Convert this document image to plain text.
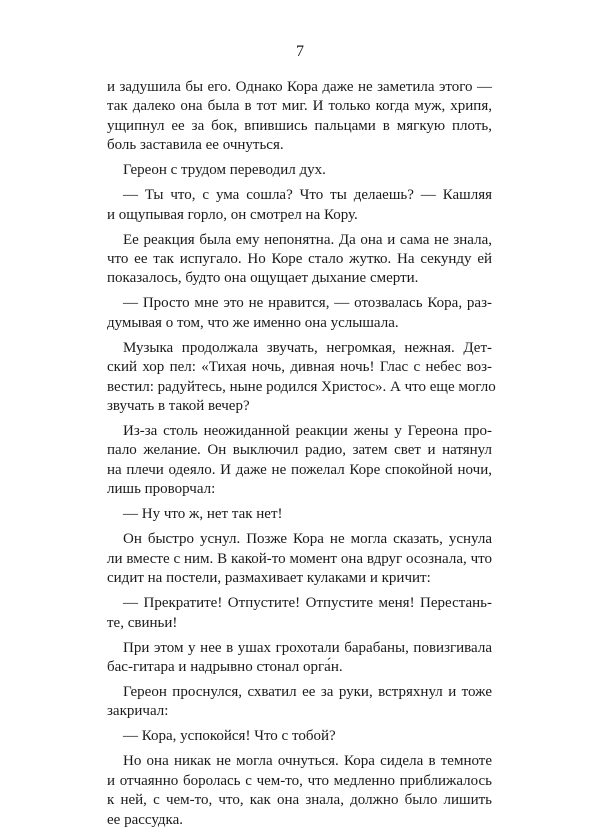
7
и задушила бы его. Однако Кора даже не заметила этого —
так далеко она была в тот миг. И только когда муж, хрипя,
ущипнул ее за бок, впившись пальцами в мягкую плоть,
боль заставила ее очнуться.
Гереон с трудом переводил дух.
— Ты что, с ума сошла? Что ты делаешь? — Кашляя
и ощупывая горло, он смотрел на Кору.
Ее реакция была ему непонятна. Да она и сама не знала,
что ее так испугало. Но Коре стало жутко. На секунду ей
показалось, будто она ощущает дыхание смерти.
— Просто мне это не нравится, — отозвалась Кора, раз-
думывая о том, что же именно она услышала.
Музыка продолжала звучать, негромкая, нежная. Дет-
ский хор пел: «Тихая ночь, дивная ночь! Глас с небес воз-
вестил: радуйтесь, ныне родился Христос». А что еще могло
звучать в такой вечер?
Из-за столь неожиданной реакции жены у Гереона про-
пало желание. Он выключил радио, затем свет и натянул
на плечи одеяло. И даже не пожелал Коре спокойной ночи,
лишь проворчал:
— Ну что ж, нет так нет!
Он быстро уснул. Позже Кора не могла сказать, уснула
ли вместе с ним. В какой-то момент она вдруг осознала, что
сидит на постели, размахивает кулаками и кричит:
— Прекратите! Отпустите! Отпустите меня! Перестань-
те, свиньи!
При этом у нее в ушах грохотали барабаны, повизгивала
бас-гитара и надрывно стонал орга́н.
Гереон проснулся, схватил ее за руки, встряхнул и тоже
закричал:
— Кора, успокойся! Что с тобой?
Но она никак не могла очнуться. Кора сидела в темноте
и отчаянно боролась с чем-то, что медленно приближалось
к ней, с чем-то, что, как она знала, должно было лишить
ее рассудка.
